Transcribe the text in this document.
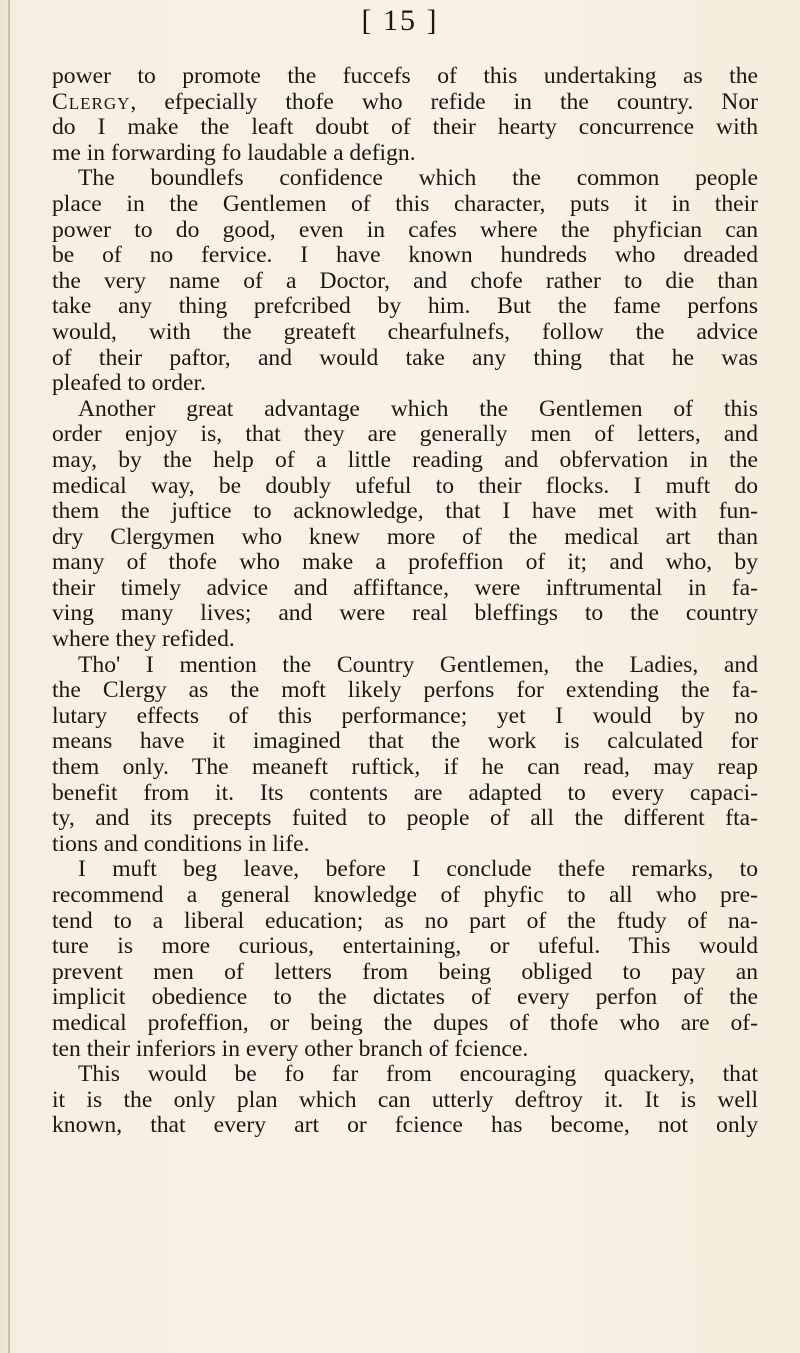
[ 15 ]
power to promote the fuccefs of this undertaking as the
Clergy, efpecially thofe who refide in the country. Nor
do I make the leaft doubt of their hearty concurrence with
me in forwarding fo laudable a defign.
The boundlefs confidence which the common people
place in the Gentlemen of this character, puts it in their
power to do good, even in cafes where the phyfician can
be of no fervice. I have known hundreds who dreaded
the very name of a Doctor, and chofe rather to die than
take any thing prefcribed by him. But the fame perfons
would, with the greateft chearfulnefs, follow the advice
of their paftor, and would take any thing that he was
pleafed to order.
Another great advantage which the Gentlemen of this
order enjoy is, that they are generally men of letters, and
may, by the help of a little reading and obfervation in the
medical way, be doubly ufeful to their flocks. I muft do
them the juftice to acknowledge, that I have met with fun-
dry Clergymen who knew more of the medical art than
many of thofe who make a profeffion of it; and who, by
their timely advice and affiftance, were inftrumental in fa-
ving many lives; and were real bleffings to the country
where they refided.
Tho' I mention the Country Gentlemen, the Ladies, and
the Clergy as the moft likely perfons for extending the fa-
lutary effects of this performance; yet I would by no
means have it imagined that the work is calculated for
them only. The meaneft ruftick, if he can read, may reap
benefit from it. Its contents are adapted to every capaci-
ty, and its precepts fuited to people of all the different fta-
tions and conditions in life.
I muft beg leave, before I conclude thefe remarks, to
recommend a general knowledge of phyfic to all who pre-
tend to a liberal education; as no part of the ftudy of na-
ture is more curious, entertaining, or ufeful. This would
prevent men of letters from being obliged to pay an
implicit obedience to the dictates of every perfon of the
medical profeffion, or being the dupes of thofe who are of-
ten their inferiors in every other branch of fcience.
This would be fo far from encouraging quackery, that
it is the only plan which can utterly deftroy it. It is well
known, that every art or fcience has become, not only
